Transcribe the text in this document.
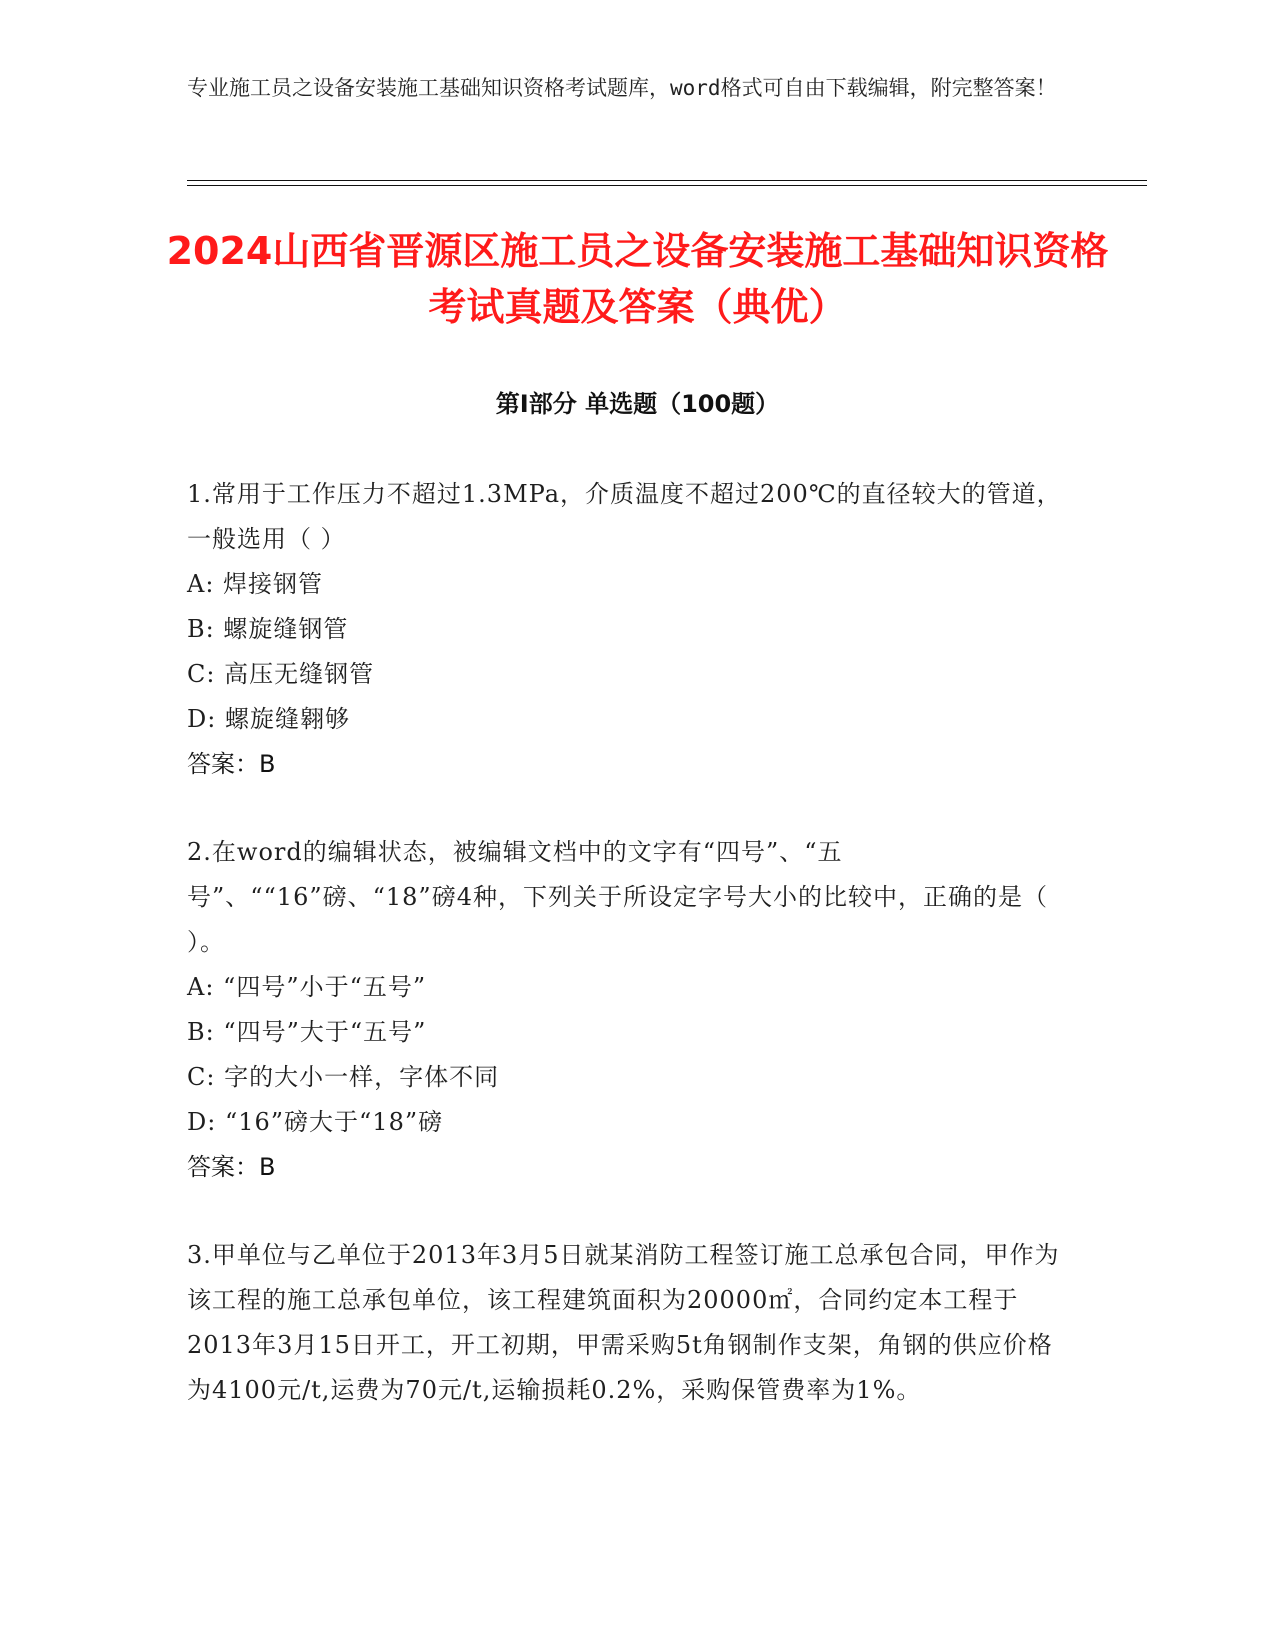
专业施工员之设备安装施工基础知识资格考试题库，word格式可自由下载编辑，附完整答案！
2024山西省晋源区施工员之设备安装施工基础知识资格考试真题及答案（典优）
第Ⅰ部分 单选题（100题）
1.常用于工作压力不超过1.3MPa，介质温度不超过200℃的直径较大的管道，一般选用（ ）
A: 焊接钢管
B: 螺旋缝钢管
C: 高压无缝钢管
D: 螺旋缝翱够
答案：B
2.在word的编辑状态，被编辑文档中的文字有“四号”、“五号”、““16”磅、“18”磅4种，下列关于所设定字号大小的比较中，正确的是（ ）。
A: “四号”小于“五号”
B: “四号”大于“五号”
C: 字的大小一样，字体不同
D: “16”磅大于“18”磅
答案：B
3.甲单位与乙单位于2013年3月5日就某消防工程签订施工总承包合同，甲作为该工程的施工总承包单位，该工程建筑面积为20000㎡，合同约定本工程于2013年3月15日开工，开工初期，甲需采购5t角钢制作支架，角钢的供应价格为4100元/t,运费为70元/t,运输损耗0.2%，采购保管费率为1%。
